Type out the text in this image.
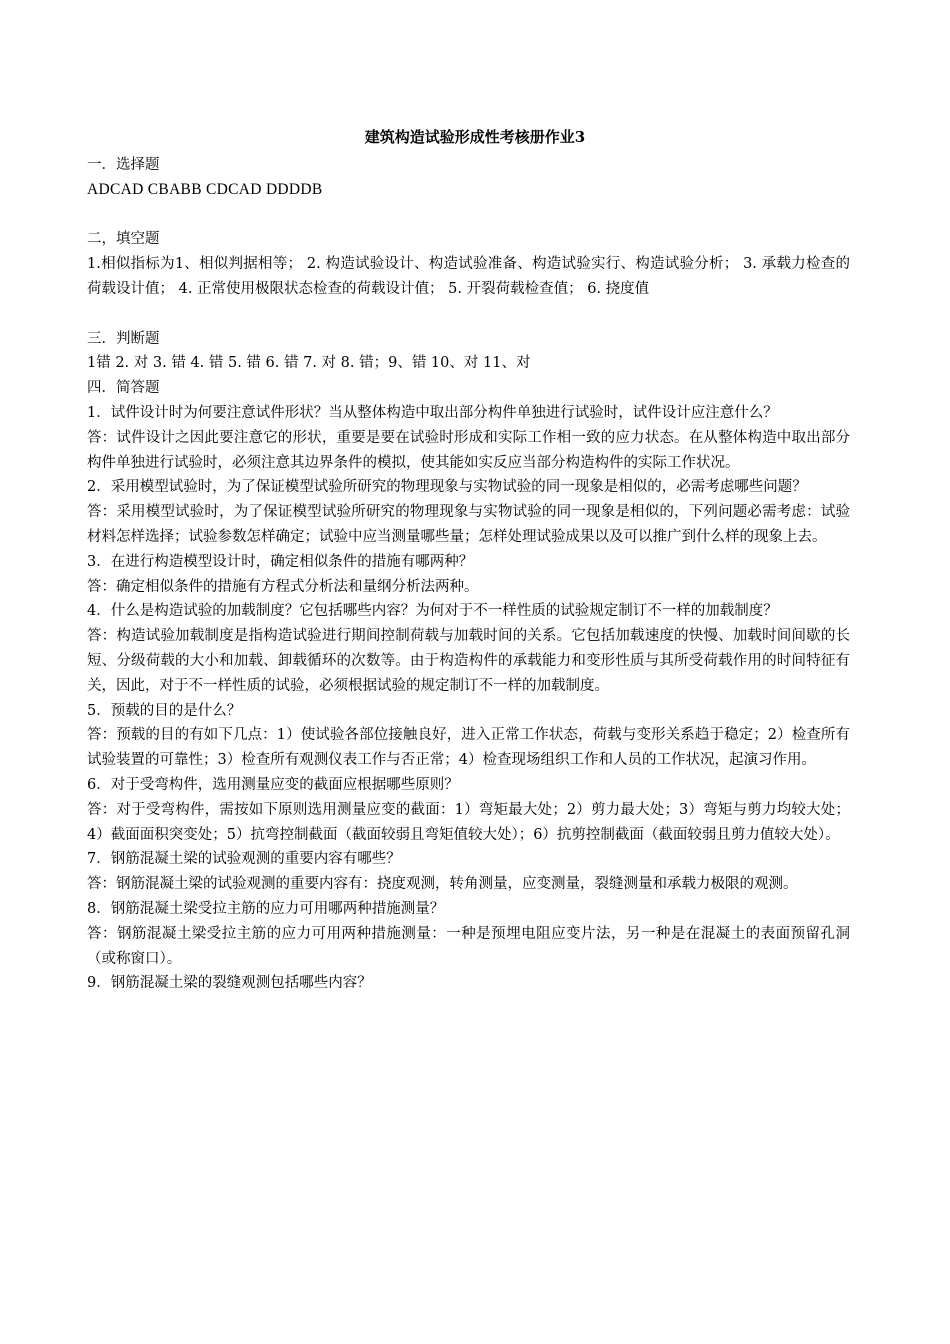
建筑构造试验形成性考核册作业3

一．选择题

ADCAD CBABB CDCAD DDDDB

二，填空题

1.相似指标为1、相似判据相等； 2. 构造试验设计、构造试验准备、构造试验实行、构造试验分析； 3. 承载力检查的荷载设计值； 4. 正常使用极限状态检查的荷载设计值； 5. 开裂荷载检查值； 6. 挠度值

三．判断题

1错 2. 对 3. 错 4. 错 5. 错 6. 错 7. 对 8. 错；9、错 10、对 11、对

四．简答题

1．试件设计时为何要注意试件形状？当从整体构造中取出部分构件单独进行试验时，试件设计应注意什么？

答：试件设计之因此要注意它的形状，重要是要在试验时形成和实际工作相一致的应力状态。在从整体构造中取出部分构件单独进行试验时，必须注意其边界条件的模拟，使其能如实反应当部分构造构件的实际工作状况。

2．采用模型试验时，为了保证模型试验所研究的物理现象与实物试验的同一现象是相似的，必需考虑哪些问题？

答：采用模型试验时，为了保证模型试验所研究的物理现象与实物试验的同一现象是相似的，下列问题必需考虑：试验材料怎样选择；试验参数怎样确定；试验中应当测量哪些量；怎样处理试验成果以及可以推广到什么样的现象上去。

3．在进行构造模型设计时，确定相似条件的措施有哪两种？

答：确定相似条件的措施有方程式分析法和量纲分析法两种。

4．什么是构造试验的加载制度？它包括哪些内容？为何对于不一样性质的试验规定制订不一样的加载制度？

答：构造试验加载制度是指构造试验进行期间控制荷载与加载时间的关系。它包括加载速度的快慢、加载时间间歇的长短、分级荷载的大小和加载、卸载循环的次数等。由于构造构件的承载能力和变形性质与其所受荷载作用的时间特征有关，因此，对于不一样性质的试验，必须根据试验的规定制订不一样的加载制度。

5．预载的目的是什么？

答：预载的目的有如下几点：1）使试验各部位接触良好，进入正常工作状态，荷载与变形关系趋于稳定；2）检查所有试验装置的可靠性；3）检查所有观测仪表工作与否正常；4）检查现场组织工作和人员的工作状况，起演习作用。

6．对于受弯构件，选用测量应变的截面应根据哪些原则？

答：对于受弯构件，需按如下原则选用测量应变的截面：1）弯矩最大处；2）剪力最大处；3）弯矩与剪力均较大处；4）截面面积突变处；5）抗弯控制截面（截面较弱且弯矩值较大处）；6）抗剪控制截面（截面较弱且剪力值较大处）。

7．钢筋混凝土梁的试验观测的重要内容有哪些？

答：钢筋混凝土梁的试验观测的重要内容有：挠度观测，转角测量，应变测量，裂缝测量和承载力极限的观测。

8．钢筋混凝土梁受拉主筋的应力可用哪两种措施测量？

答：钢筋混凝土梁受拉主筋的应力可用两种措施测量：一种是预埋电阻应变片法，另一种是在混凝土的表面预留孔洞（或称窗口）。

9．钢筋混凝土梁的裂缝观测包括哪些内容？
